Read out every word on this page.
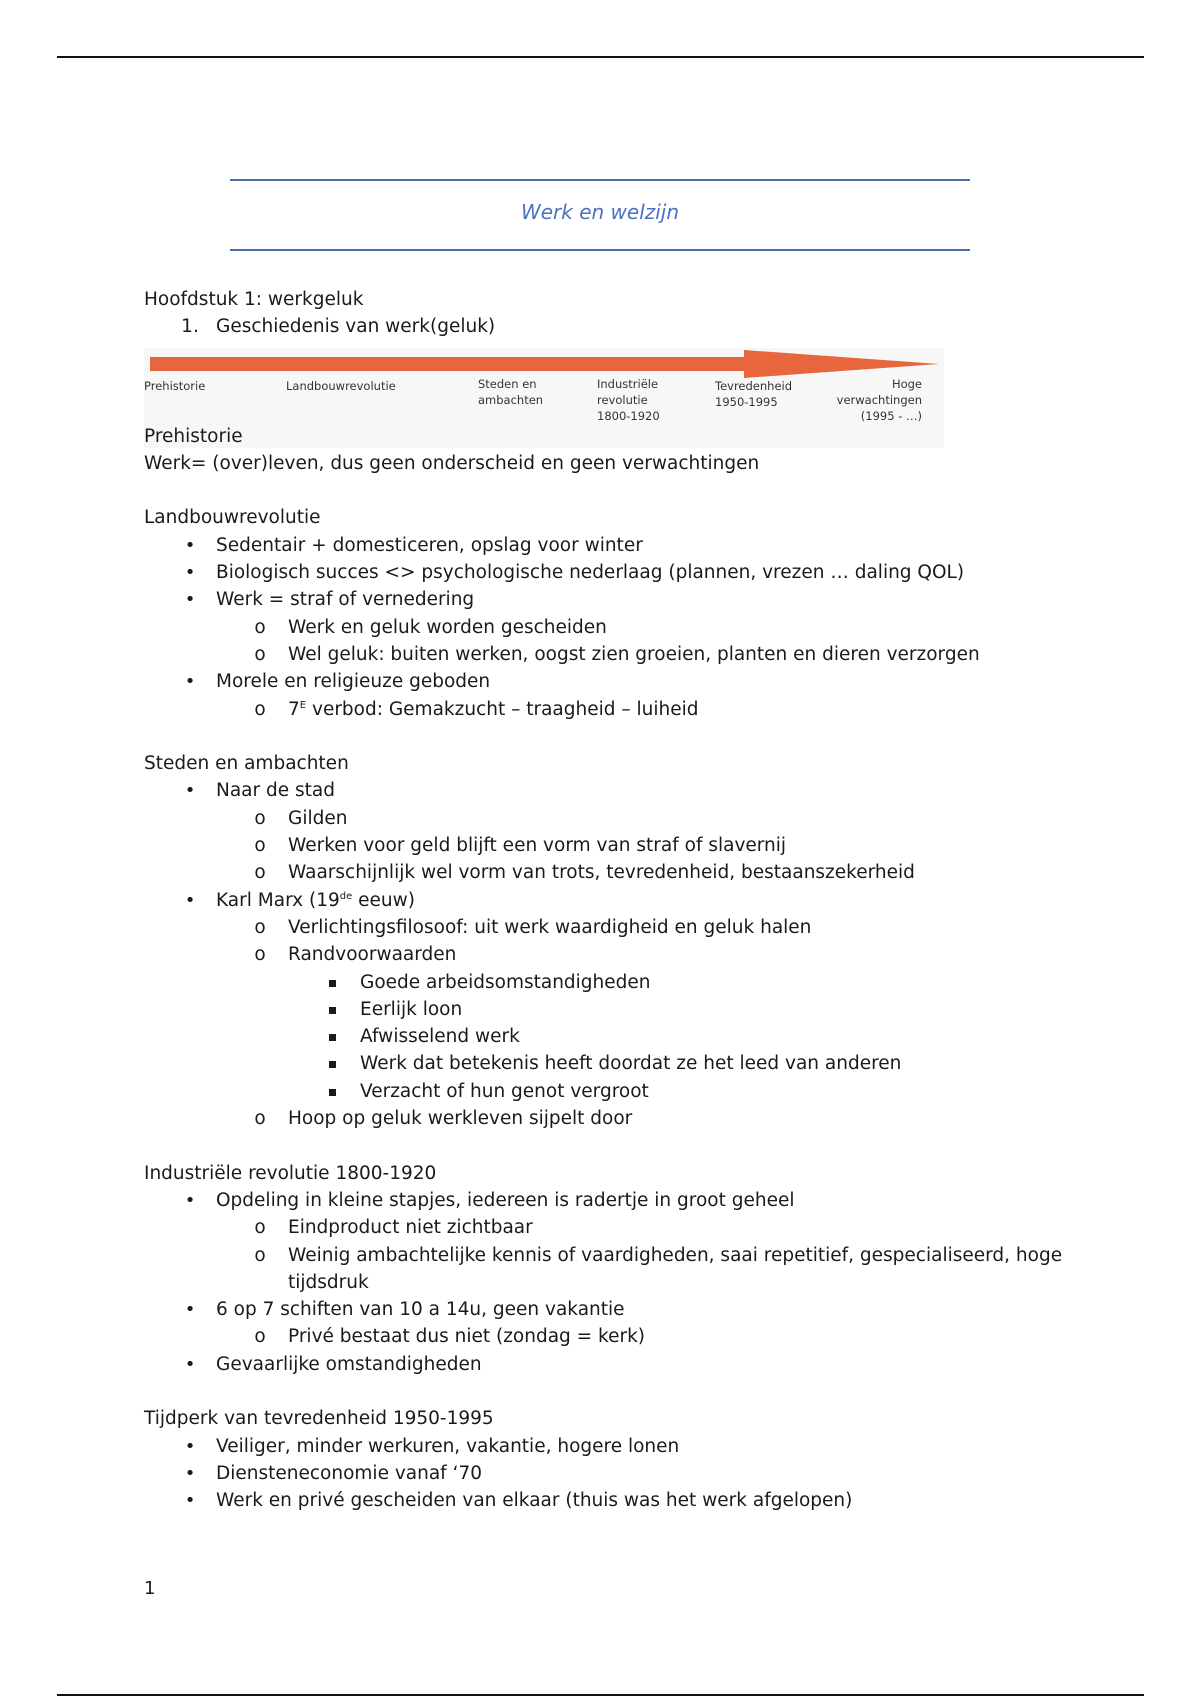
Werk en welzijn
Prehistorie	Landbouwrevolutie	Steden en
ambachten
Industriële
revolutie
1800-1920
Tevredenheid
1950-1995
Hoge
verwachtingen
(1995 - …)
Hoofdstuk 1: werkgeluk
1. Geschiedenis van werk(geluk)
Prehistorie
Werk= (over)leven, dus geen onderscheid en geen verwachtingen
Landbouwrevolutie
•	Sedentair + domesticeren, opslag voor winter
•	Biologisch succes <> psychologische nederlaag (plannen, vrezen … daling QOL)
•	Werk = straf of vernedering
o	Werk en geluk worden gescheiden
o	Wel geluk: buiten werken, oogst zien groeien, planten en dieren verzorgen
•	Morele en religieuze geboden
o	$7^E$ verbod: Gemakzucht – traagheid – luiheid
Steden en ambachten
•	Naar de stad
o	Gilden
o	Werken voor geld blijft een vorm van straf of slavernij
o	Waarschijnlijk wel vorm van trots, tevredenheid, bestaanszekerheid
•	Karl Marx (19de eeuw)
o	Verlichtingsfilosoof: uit werk waardigheid en geluk halen
o	Randvoorwaarden
Goede arbeidsomstandigheden
Eerlijk loon
Afwisselend werk
Werk dat betekenis heeft doordat ze het leed van anderen
Verzacht of hun genot vergroot
o	Hoop op geluk werkleven sijpelt door
Industriële revolutie 1800-1920
•	Opdeling in kleine stapjes, iedereen is radertje in groot geheel
o	Eindproduct niet zichtbaar
o	Weinig ambachtelijke kennis of vaardigheden, saai repetitief, gespecialiseerd, hoge
tijdsdruk
•	6 op 7 schiften van 10 a 14u, geen vakantie
o	Privé bestaat dus niet (zondag = kerk)
•	Gevaarlijke omstandigheden
Tijdperk van tevredenheid 1950-1995
•	Veiliger, minder werkuren, vakantie, hogere lonen
•	Diensteneconomie vanaf ‘70
•	Werk en privé gescheiden van elkaar (thuis was het werk afgelopen)
1
